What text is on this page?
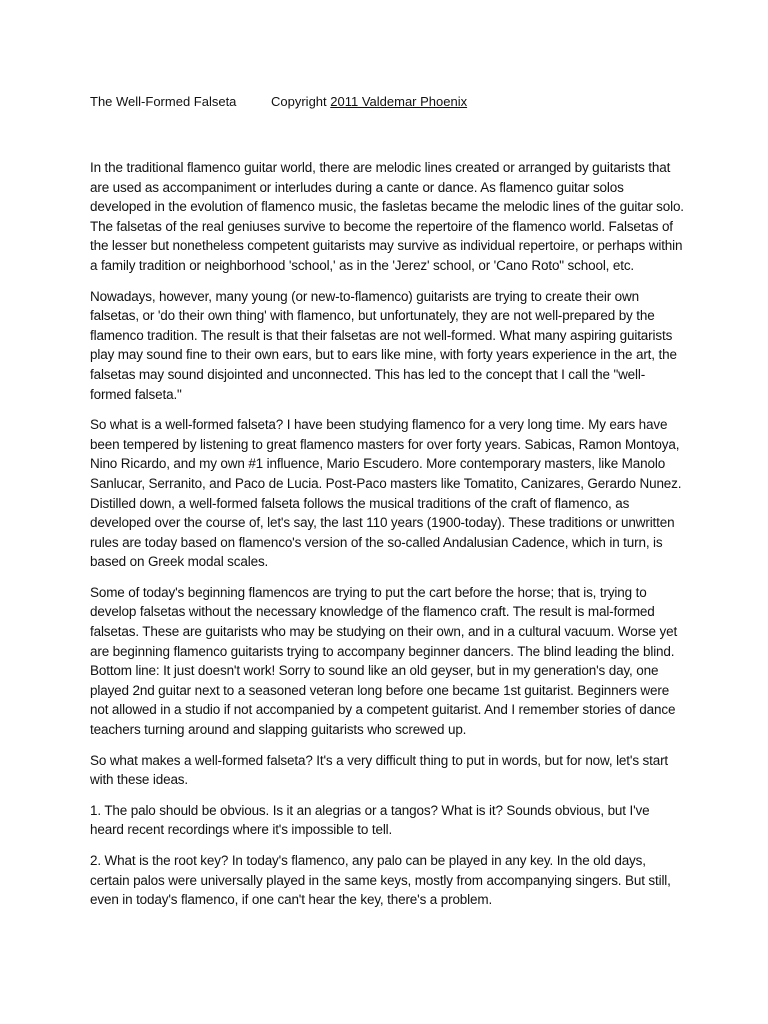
The Well-Formed Falseta	Copyright 2011 Valdemar Phoenix

In the traditional flamenco guitar world, there are melodic lines created or arranged by guitarists that are used as accompaniment or interludes during a cante or dance. As flamenco guitar solos developed in the evolution of flamenco music, the fasletas became the melodic lines of the guitar solo. The falsetas of the real geniuses survive to become the repertoire of the flamenco world. Falsetas of the lesser but nonetheless competent guitarists may survive as individual repertoire, or perhaps within a family tradition or neighborhood 'school,' as in the 'Jerez' school, or 'Cano Roto" school, etc.

Nowadays, however, many young (or new-to-flamenco) guitarists are trying to create their own falsetas, or 'do their own thing' with flamenco, but unfortunately, they are not well-prepared by the flamenco tradition. The result is that their falsetas are not well-formed. What many aspiring guitarists play may sound fine to their own ears, but to ears like mine, with forty years experience in the art, the falsetas may sound disjointed and unconnected. This has led to the concept that I call the "well-formed falseta."

So what is a well-formed falseta? I have been studying flamenco for a very long time. My ears have been tempered by listening to great flamenco masters for over forty years. Sabicas, Ramon Montoya, Nino Ricardo, and my own #1 influence, Mario Escudero. More contemporary masters, like Manolo Sanlucar, Serranito, and Paco de Lucia. Post-Paco masters like Tomatito, Canizares, Gerardo Nunez. Distilled down, a well-formed falseta follows the musical traditions of the craft of flamenco, as developed over the course of, let's say, the last 110 years (1900-today). These traditions or unwritten rules are today based on flamenco's version of the so-called Andalusian Cadence, which in turn, is based on Greek modal scales.

Some of today's beginning flamencos are trying to put the cart before the horse; that is, trying to develop falsetas without the necessary knowledge of the flamenco craft. The result is mal-formed falsetas. These are guitarists who may be studying on their own, and in a cultural vacuum. Worse yet are beginning flamenco guitarists trying to accompany beginner dancers. The blind leading the blind. Bottom line: It just doesn't work! Sorry to sound like an old geyser, but in my generation's day, one played 2nd guitar next to a seasoned veteran long before one became 1st guitarist. Beginners were not allowed in a studio if not accompanied by a competent guitarist. And I remember stories of dance teachers turning around and slapping guitarists who screwed up.

So what makes a well-formed falseta? It's a very difficult thing to put in words, but for now, let's start with these ideas.

1. The palo should be obvious. Is it an alegrias or a tangos? What is it? Sounds obvious, but I've heard recent recordings where it's impossible to tell.

2. What is the root key? In today's flamenco, any palo can be played in any key. In the old days, certain palos were universally played in the same keys, mostly from accompanying singers. But still, even in today's flamenco, if one can't hear the key, there's a problem.
